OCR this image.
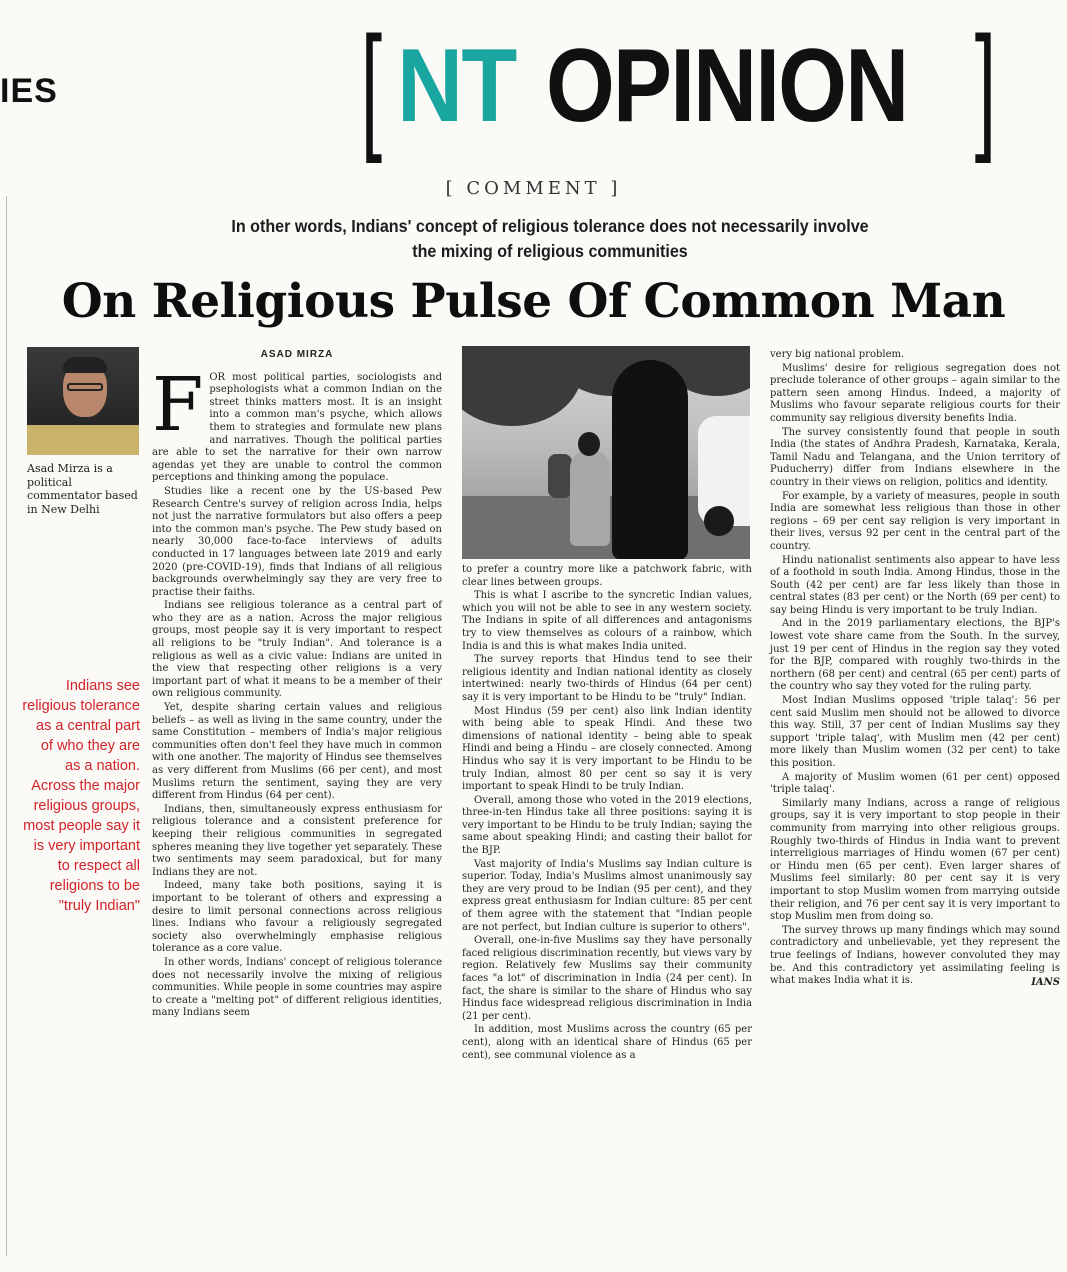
IES [ NT OPINION ]
[ COMMENT ]
In other words, Indians' concept of religious tolerance does not necessarily involve the mixing of religious communities
On Religious Pulse Of Common Man
Asad Mirza is a political commentator based in New Delhi
Indians see religious tolerance as a central part of who they are as a nation. Across the major religious groups, most people say it is very important to respect all religions to be "truly Indian"
ASAD MIRZA

FOR most political parties, sociologists and psephologists what a common Indian on the street thinks matters most. It is an insight into a common man's psyche, which allows them to strategies and formulate new plans and narratives. Though the political parties are able to set the narrative for their own narrow agendas yet they are unable to control the common perceptions and thinking among the populace.

Studies like a recent one by the US-based Pew Research Centre's survey of religion across India, helps not just the narrative formulators but also offers a peep into the common man's psyche. The Pew study based on nearly 30,000 face-to-face interviews of adults conducted in 17 languages between late 2019 and early 2020 (pre-COVID-19), finds that Indians of all religious backgrounds overwhelmingly say they are very free to practise their faiths.

Indians see religious tolerance as a central part of who they are as a nation. Across the major religious groups, most people say it is very important to respect all religions to be "truly Indian". And tolerance is a religious as well as a civic value: Indians are united in the view that respecting other religions is a very important part of what it means to be a member of their own religious community.

Yet, despite sharing certain values and religious beliefs – as well as living in the same country, under the same Constitution – members of India's major religious communities often don't feel they have much in common with one another. The majority of Hindus see themselves as very different from Muslims (66 per cent), and most Muslims return the sentiment, saying they are very different from Hindus (64 per cent).

Indians, then, simultaneously express enthusiasm for religious tolerance and a consistent preference for keeping their religious communities in segregated spheres meaning they live together yet separately. These two sentiments may seem paradoxical, but for many Indians they are not.

Indeed, many take both positions, saying it is important to be tolerant of others and expressing a desire to limit personal connections across religious lines. Indians who favour a religiously segregated society also overwhelmingly emphasise religious tolerance as a core value.

In other words, Indians' concept of religious tolerance does not necessarily involve the mixing of religious communities. While people in some countries may aspire to create a "melting pot" of different religious identities, many Indians seem

to prefer a country more like a patchwork fabric, with clear lines between groups.

This is what I ascribe to the syncretic Indian values, which you will not be able to see in any western society. The Indians in spite of all differences and antagonisms try to view themselves as colours of a rainbow, which India is and this is what makes India united.

The survey reports that Hindus tend to see their religious identity and Indian national identity as closely intertwined: nearly two-thirds of Hindus (64 per cent) say it is very important to be Hindu to be "truly" Indian.

Most Hindus (59 per cent) also link Indian identity with being able to speak Hindi. And these two dimensions of national identity – being able to speak Hindi and being a Hindu – are closely connected. Among Hindus who say it is very important to be Hindu to be truly Indian, almost 80 per cent so say it is very important to speak Hindi to be truly Indian.

Overall, among those who voted in the 2019 elections, three-in-ten Hindus take all three positions: saying it is very important to be Hindu to be truly Indian; saying the same about speaking Hindi; and casting their ballot for the BJP.

Vast majority of India's Muslims say Indian culture is superior. Today, India's Muslims almost unanimously say they are very proud to be Indian (95 per cent), and they express great enthusiasm for Indian culture: 85 per cent of them agree with the statement that "Indian people are not perfect, but Indian culture is superior to others".

Overall, one-in-five Muslims say they have personally faced religious discrimination recently, but views vary by region. Relatively few Muslims say their community faces "a lot" of discrimination in India (24 per cent). In fact, the share is similar to the share of Hindus who say Hindus face widespread religious discrimination in India (21 per cent).

In addition, most Muslims across the country (65 per cent), along with an identical share of Hindus (65 per cent), see communal violence as a

very big national problem.

Muslims' desire for religious segregation does not preclude tolerance of other groups – again similar to the pattern seen among Hindus. Indeed, a majority of Muslims who favour separate religious courts for their community say religious diversity benefits India.

The survey consistently found that people in south India (the states of Andhra Pradesh, Karnataka, Kerala, Tamil Nadu and Telangana, and the Union territory of Puducherry) differ from Indians elsewhere in the country in their views on religion, politics and identity.

For example, by a variety of measures, people in south India are somewhat less religious than those in other regions – 69 per cent say religion is very important in their lives, versus 92 per cent in the central part of the country.

Hindu nationalist sentiments also appear to have less of a foothold in south India. Among Hindus, those in the South (42 per cent) are far less likely than those in central states (83 per cent) or the North (69 per cent) to say being Hindu is very important to be truly Indian.

And in the 2019 parliamentary elections, the BJP's lowest vote share came from the South. In the survey, just 19 per cent of Hindus in the region say they voted for the BJP, compared with roughly two-thirds in the northern (68 per cent) and central (65 per cent) parts of the country who say they voted for the ruling party.

Most Indian Muslims opposed 'triple talaq': 56 per cent said Muslim men should not be allowed to divorce this way. Still, 37 per cent of Indian Muslims say they support 'triple talaq', with Muslim men (42 per cent) more likely than Muslim women (32 per cent) to take this position.

A majority of Muslim women (61 per cent) opposed 'triple talaq'.

Similarly many Indians, across a range of religious groups, say it is very important to stop people in their community from marrying into other religious groups. Roughly two-thirds of Hindus in India want to prevent interreligious marriages of Hindu women (67 per cent) or Hindu men (65 per cent). Even larger shares of Muslims feel similarly: 80 per cent say it is very important to stop Muslim women from marrying outside their religion, and 76 per cent say it is very important to stop Muslim men from doing so.

The survey throws up many findings which may sound contradictory and unbelievable, yet they represent the true feelings of Indians, however convoluted they may be. And this contradictory yet assimilating feeling is what makes India what it is.	IANS
